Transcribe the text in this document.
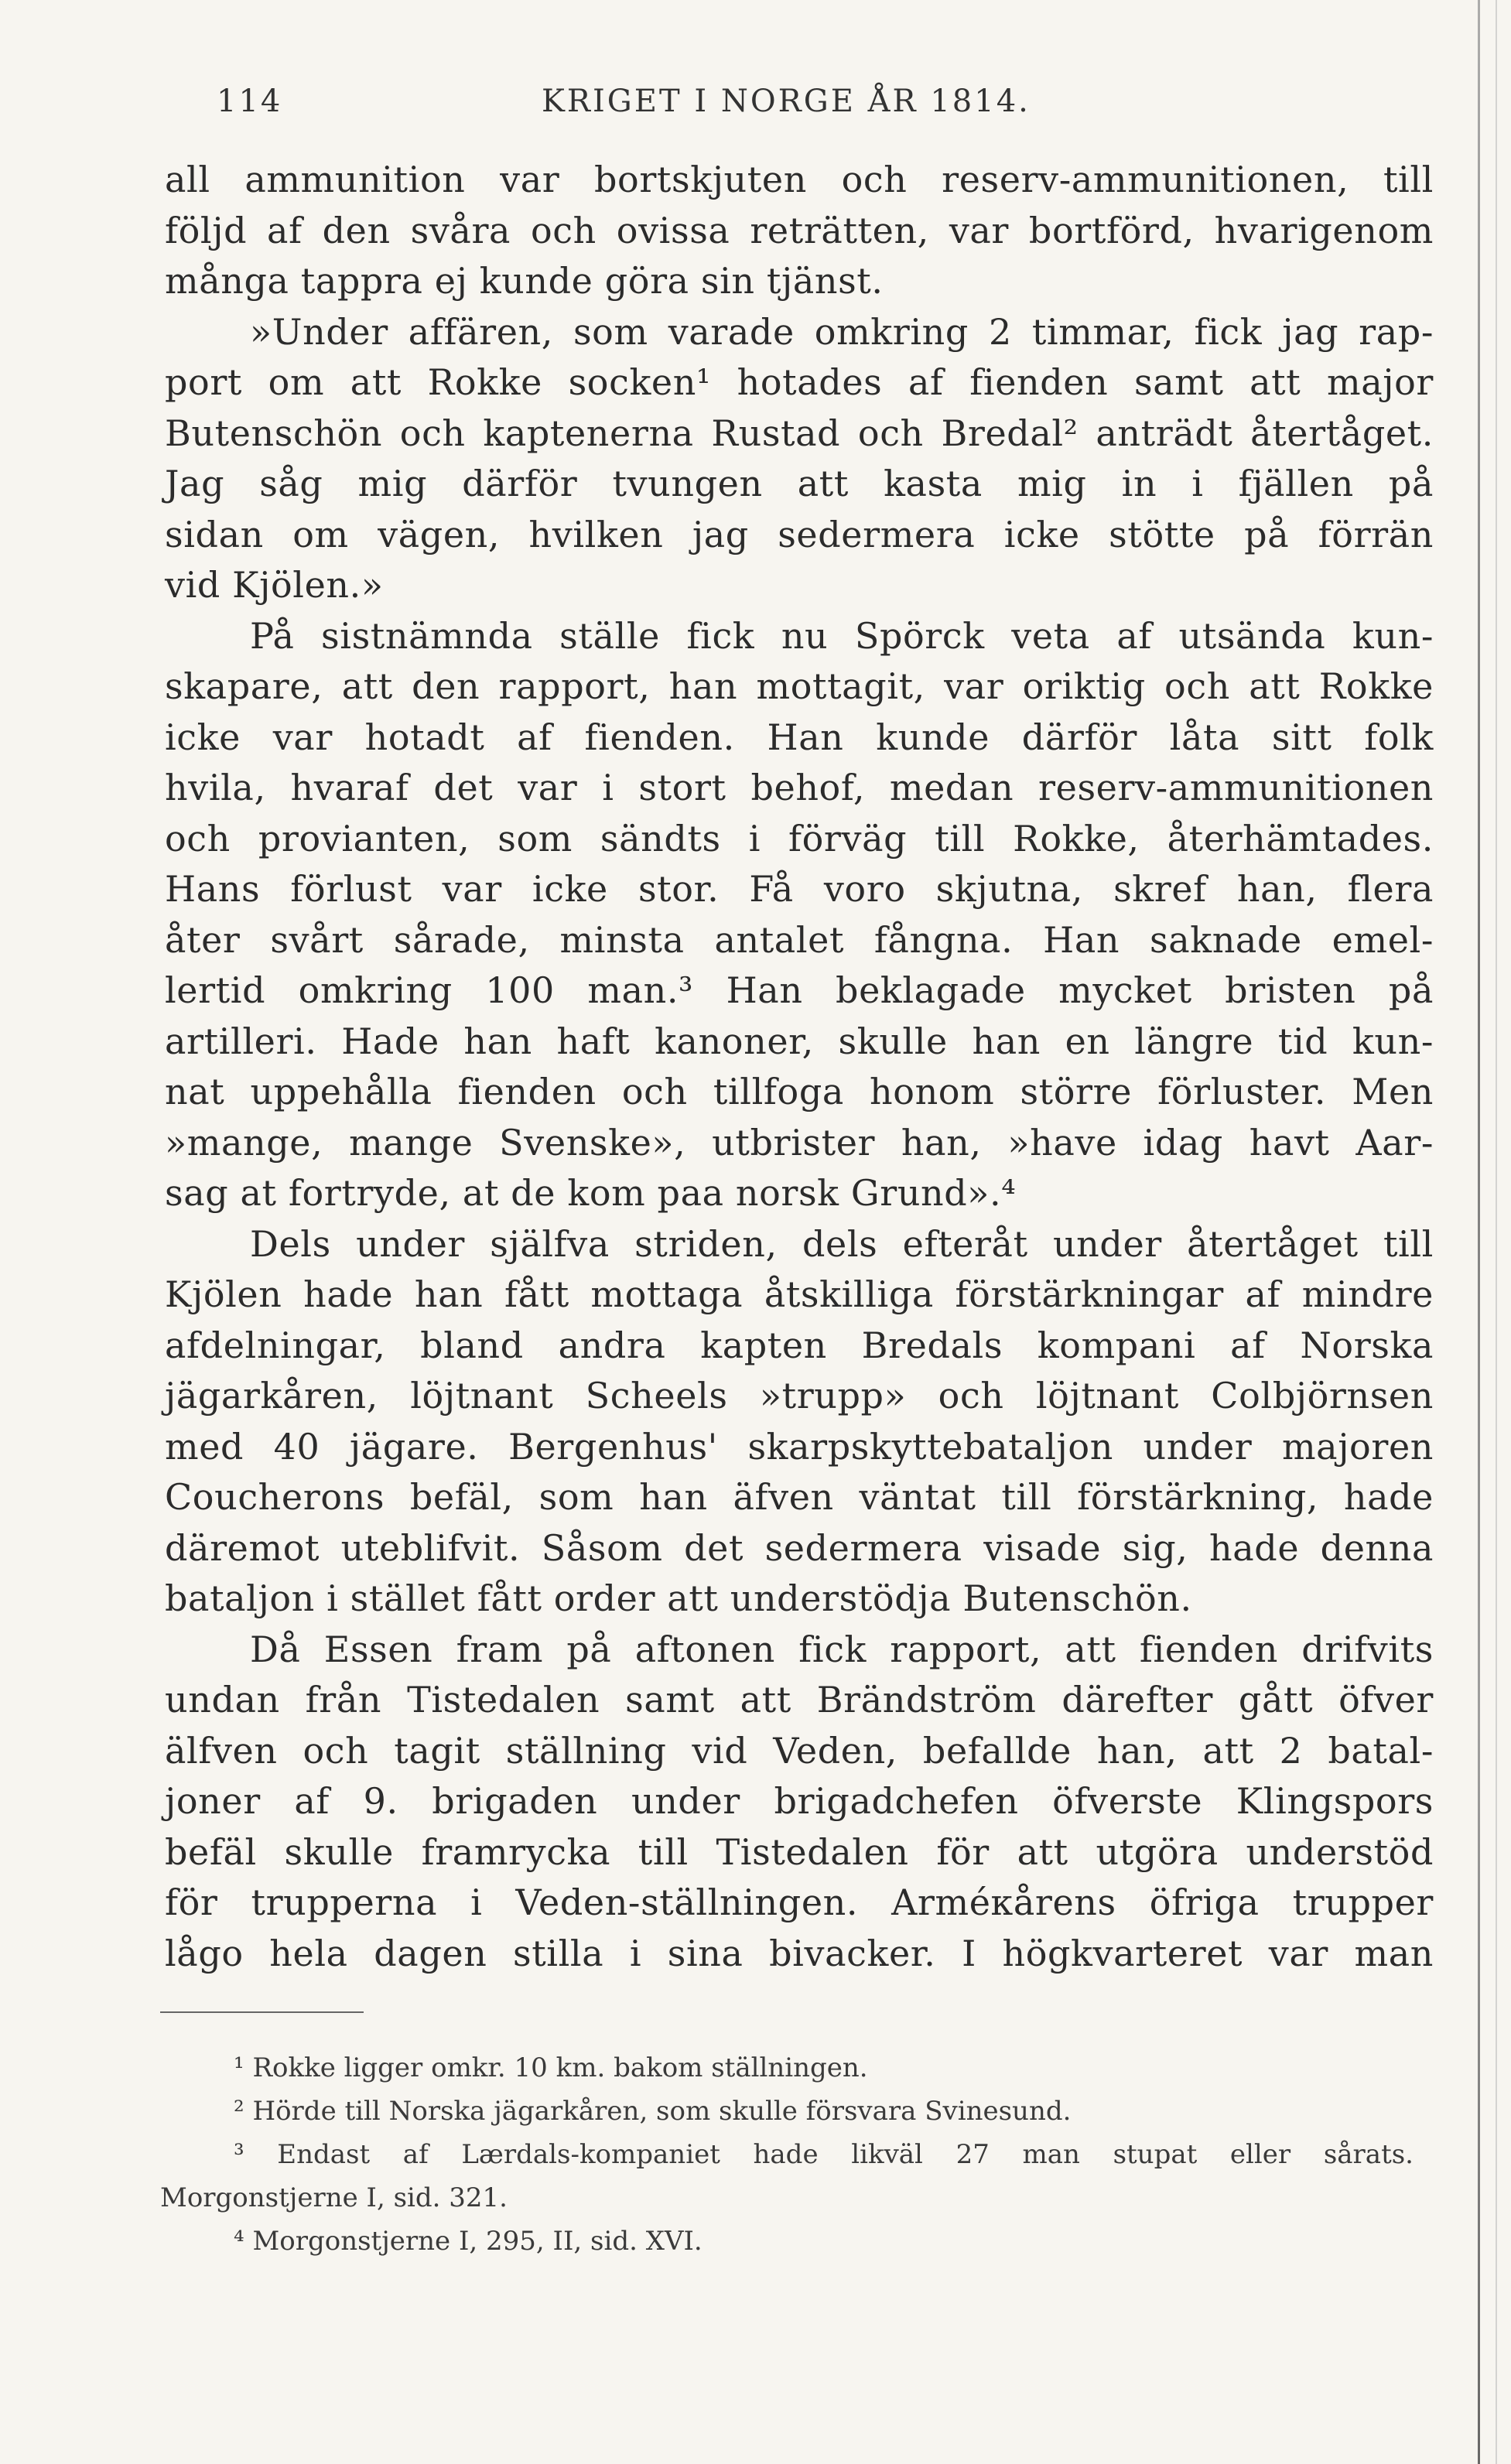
114	KRIGET I NORGE ÅR 1814.
all ammunition var bortskjuten och reserv-ammunitionen, till
följd af den svåra och ovissa reträtten, var bortförd, hvarigenom
många tappra ej kunde göra sin tjänst.
»Under affären, som varade omkring 2 timmar, fick jag rap-
port om att Rokke socken¹ hotades af fienden samt att major
Butenschön och kaptenerna Rustad och Bredal² anträdt återtåget.
Jag såg mig därför tvungen att kasta mig in i fjällen på
sidan om vägen, hvilken jag sedermera icke stötte på förrän
vid Kjölen.»
På sistnämnda ställe fick nu Spörck veta af utsända kun-
skapare, att den rapport, han mottagit, var oriktig och att Rokke
icke var hotadt af fienden. Han kunde därför låta sitt folk
hvila, hvaraf det var i stort behof, medan reserv-ammunitionen
och provianten, som sändts i förväg till Rokke, återhämtades.
Hans förlust var icke stor. Få voro skjutna, skref han, flera
åter svårt sårade, minsta antalet fångna. Han saknade emel-
lertid omkring 100 man.³ Han beklagade mycket bristen på
artilleri. Hade han haft kanoner, skulle han en längre tid kun-
nat uppehålla fienden och tillfoga honom större förluster. Men
»mange, mange Svenske», utbrister han, »have idag havt Aar-
sag at fortryde, at de kom paa norsk Grund».⁴
Dels under själfva striden, dels efteråt under återtåget till
Kjölen hade han fått mottaga åtskilliga förstärkningar af mindre
afdelningar, bland andra kapten Bredals kompani af Norska
jägarkåren, löjtnant Scheels »trupp» och löjtnant Colbjörnsen
med 40 jägare. Bergenhus' skarpskyttebataljon under majoren
Coucherons befäl, som han äfven väntat till förstärkning, hade
däremot uteblifvit. Såsom det sedermera visade sig, hade denna
bataljon i stället fått order att understödja Butenschön.
Då Essen fram på aftonen fick rapport, att fienden drifvits
undan från Tistedalen samt att Brändström därefter gått öfver
älfven och tagit ställning vid Veden, befallde han, att 2 batal-
joner af 9. brigaden under brigadchefen öfverste Klingspors
befäl skulle framrycka till Tistedalen för att utgöra understöd
för trupperna i Veden-ställningen. Arméкårens öfriga trupper
lågo hela dagen stilla i sina bivacker. I högkvarteret var man
¹ Rokke ligger omkr. 10 km. bakom ställningen.
² Hörde till Norska jägarkåren, som skulle försvara Svinesund.
³ Endast af Lærdals-kompaniet hade likväl 27 man stupat eller sårats.
Morgonstjerne I, sid. 321.
⁴ Morgonstjerne I, 295, II, sid. XVI.
